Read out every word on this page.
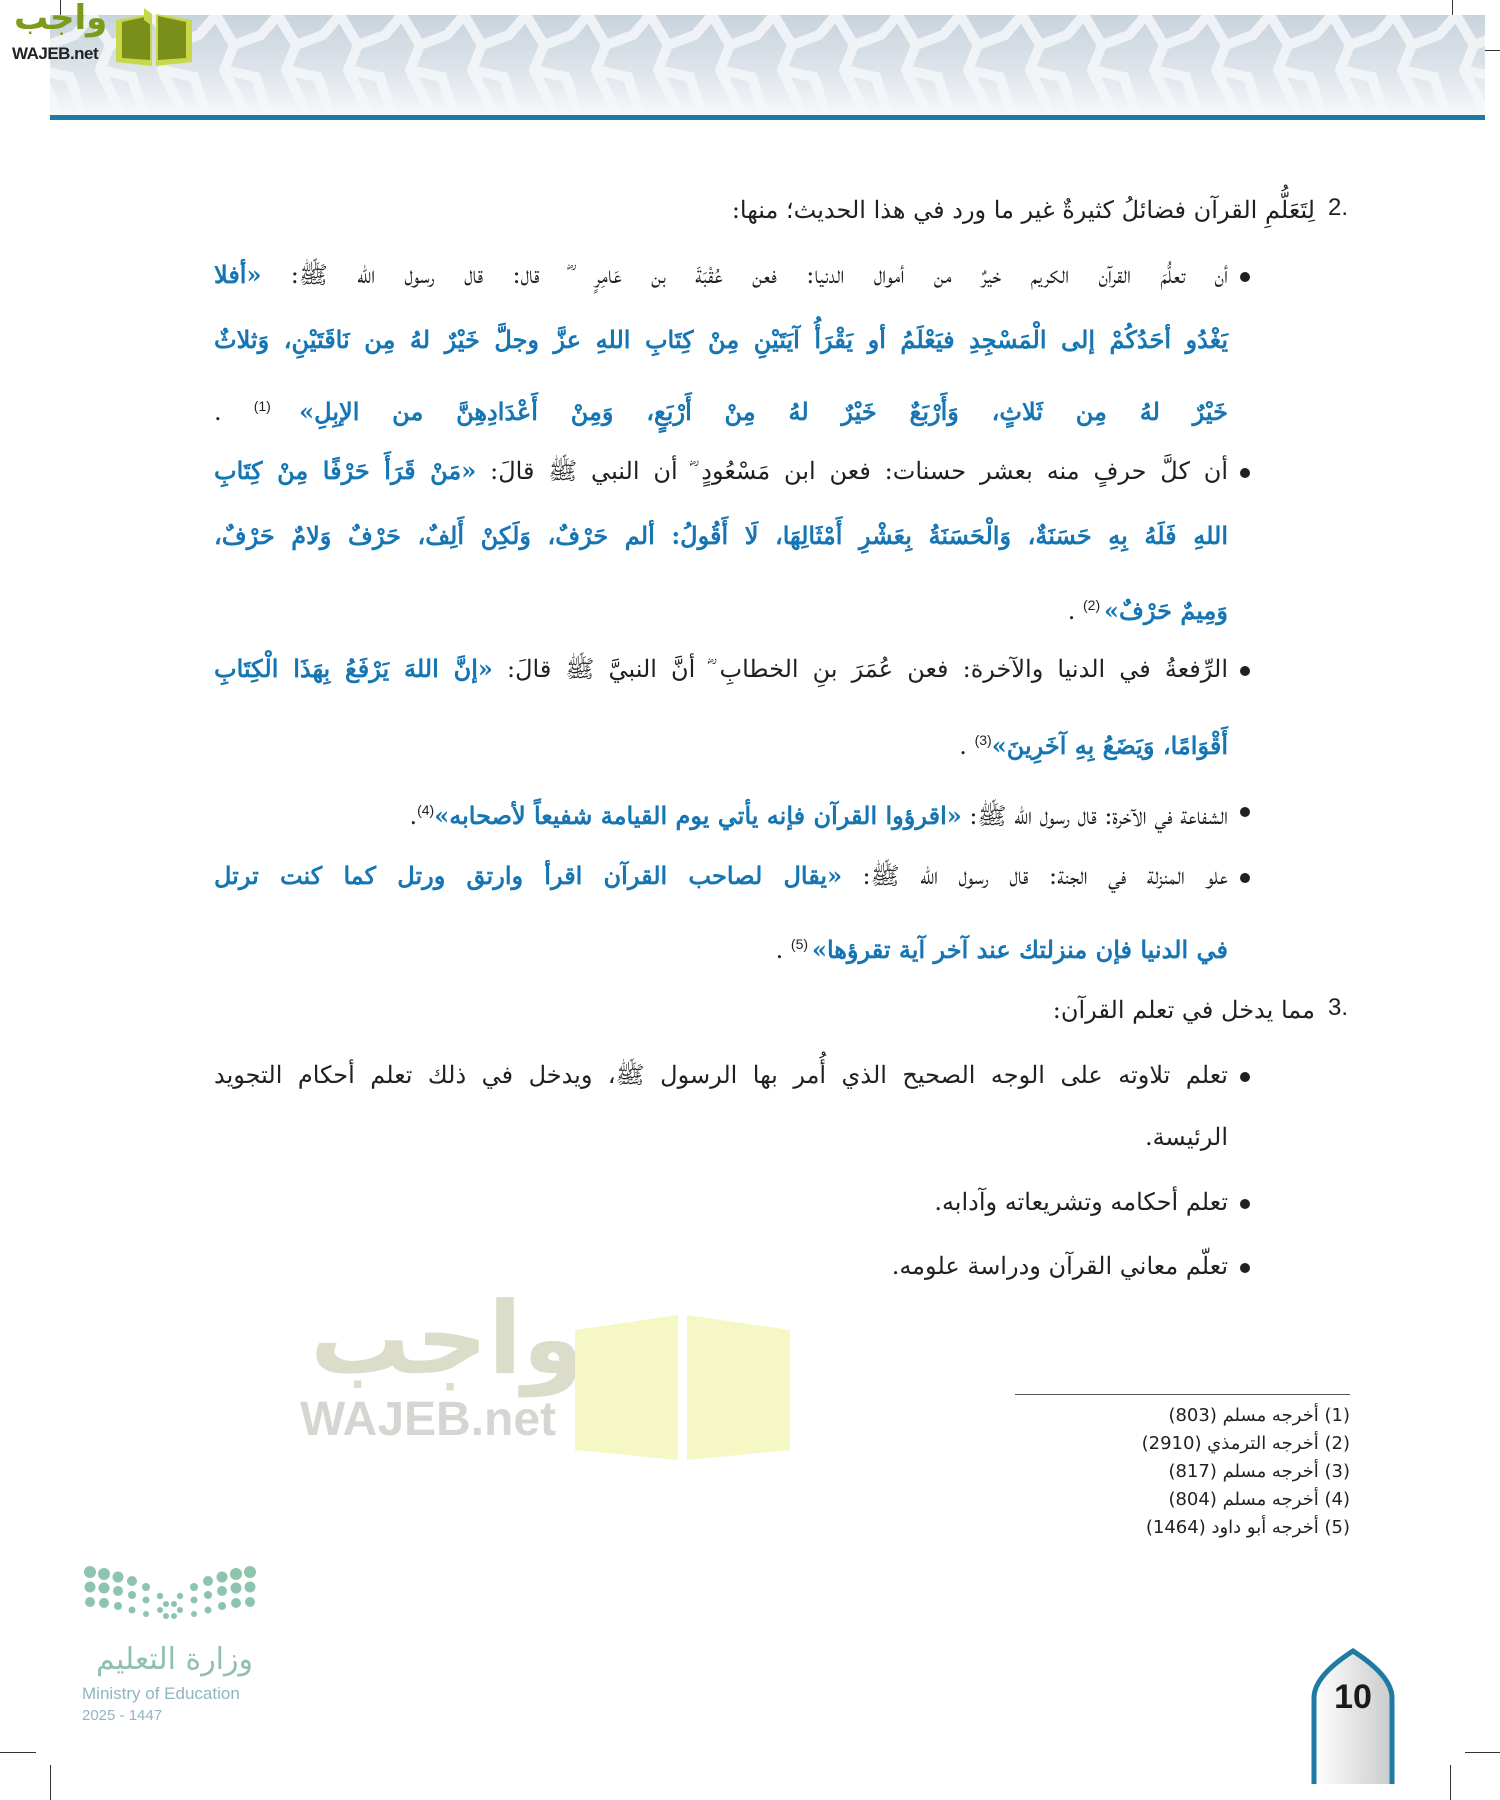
واجب
WAJEB.net
2.
لِتَعَلُّمِ القرآن فضائلُ كثيرةٌ غير ما ورد في هذا الحديث؛ منها:
أن تعلُّمَ القرآن الكريم خيرٌ من أموال الدنيا: فعن عُقْبَةَ بن عَامِرٍ ؓ قال: قال رسول الله ﷺ: «أفلا
يَغْدُو أحَدُكُمْ إلى الْمَسْجِدِ فيَعْلَمُ أو يَقْرَأُ آيَتَيْنِ مِنْ كِتَابِ اللهِ عزَّ وجلَّ خَيْرٌ لهُ مِن نَاقَتَيْنِ، وَثلاثٌ
خَيْرٌ لهُ مِن ثَلاثٍ، وَأَرْبَعٌ خَيْرٌ لهُ مِنْ أَرْبَعٍ، وَمِنْ أَعْدَادِهِنَّ من الإبِلِ» $^{(1)}$ .
أن كلَّ حرفٍ منه بعشر حسنات: فعن ابن مَسْعُودٍ ؓ أن النبي ﷺ قالَ: «مَنْ قَرَأَ حَرْفًا مِنْ كِتَابِ
اللهِ فَلَهُ بِهِ حَسَنَةٌ، وَالْحَسَنَةُ بِعَشْرِ أَمْثَالِهَا، لَا أَقُولُ: ألم حَرْفٌ، وَلَكِنْ أَلِفٌ، حَرْفٌ وَلامٌ حَرْفٌ،
وَمِيمٌ حَرْفٌ» $^{(2)}$ .
الرِّفعةُ في الدنيا والآخرة: فعن عُمَرَ بنِ الخطابِ ؓ أنَّ النبيَّ ﷺ قالَ: «إنَّ اللهَ يَرْفَعُ بِهَذَا الْكِتَابِ
أَقْوَامًا، وَيَضَعُ بِهِ آخَرِينَ»$^{(3)}$ .
الشفاعة في الآخرة: قال رسول الله ﷺ: «اقرؤوا القرآن فإنه يأتي يوم القيامة شفيعاً لأصحابه»$^{(4)}$.
علو المنزلة في الجنة: قال رسول الله ﷺ: «يقال لصاحب القرآن اقرأ وارتق ورتل كما كنت ترتل
في الدنيا فإن منزلتك عند آخر آية تقرؤها» $^{(5)}$ .
3.
مما يدخل في تعلم القرآن:
تعلم تلاوته على الوجه الصحيح الذي أُمر بها الرسول ﷺ، ويدخل في ذلك تعلم أحكام التجويد
الرئيسة.
تعلم أحكامه وتشريعاته وآدابه.
تعلّم معاني القرآن ودراسة علومه.
واجب
WAJEB.net	(1) أخرجه مسلم (803)
(2) أخرجه الترمذي (2910)
(3) أخرجه مسلم (817)
(4) أخرجه مسلم (804)
(5) أخرجه أبو داود (1464)
وزارة التعليم
Ministry of Education
2025 - 1447	10
